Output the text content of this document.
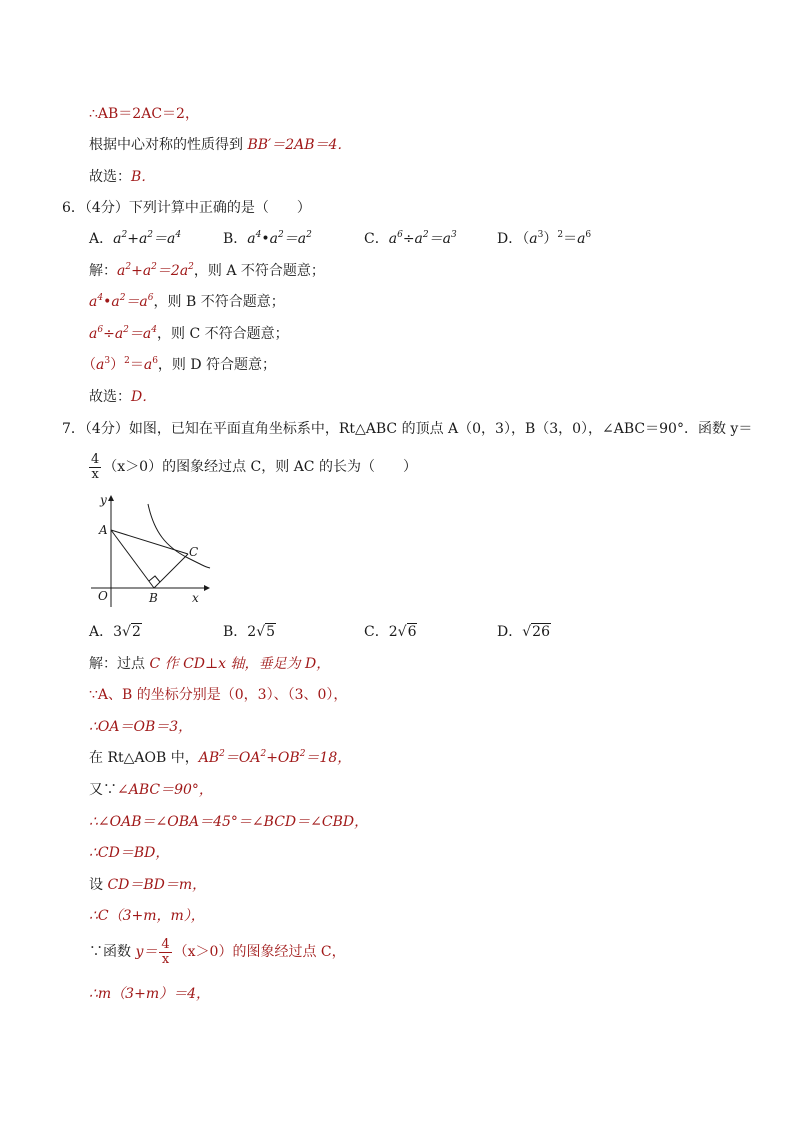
∴AB＝2AC＝2，
根据中心对称的性质得到 BB′＝2AB＝4．
故选：B．
6．（4分）下列计算中正确的是（　　）
A．$a^2+a^2=a^4$	B．$a^4•a^2=a^2$	C．$a^6\div a^2=a^3$	D．$(a^3)^2=a^6$
解：$a^2+a^2=2a^2$，则 A 不符合题意；
$a^4•a^2=a^6$，则 B 不符合题意；
$a^6\div a^2=a^4$，则 C 不符合题意；
$(a^3)^2=a^6$，则 D 符合题意；
故选：D．
7．（4分）如图，已知在平面直角坐标系中，Rt△ABC 的顶点 A（0，3），B（3，0），∠ABC＝90°．函数 y＝
$\frac{4}{x} (x>0)$的图象经过点 C，则 AC 的长为（　　）
A
C
B
O	x
y
A．3√2	B．2√5	C．2√6	D．√26
解：过点 C 作 CD⊥x 轴，垂足为 D，
∵A、B 的坐标分别是（0，3）、（3、0），
∴OA＝OB＝3，
在 Rt△AOB 中，$AB^2=OA^2+OB^2=18$，
又∵∠ABC＝90°，
∴∠OAB＝∠OBA＝45°＝∠BCD＝∠CBD，
∴CD＝BD，
设 CD＝BD＝m，
∴C（3+m，m），
∵函数 $y= \frac{4}{x} (x>0)$的图象经过点 C，
∴m（3+m）＝4，
